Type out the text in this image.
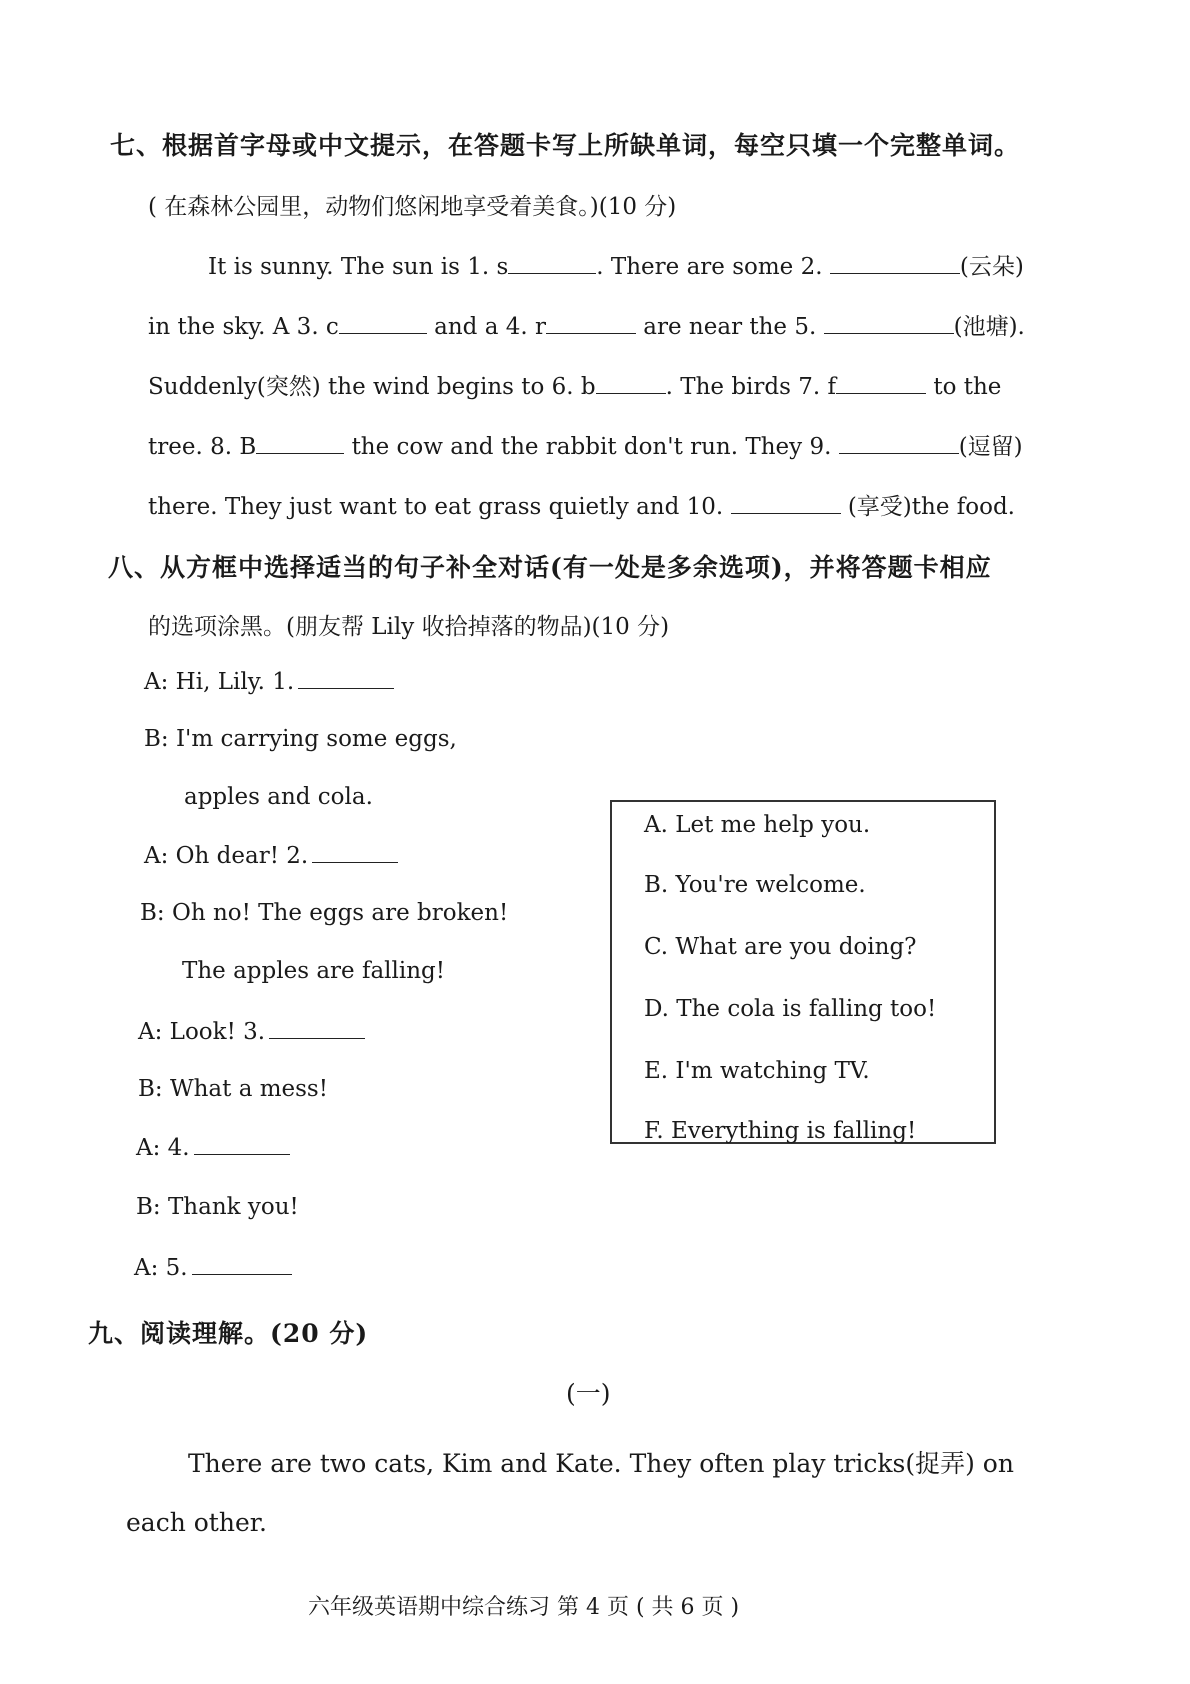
七、根据首字母或中文提示，在答题卡写上所缺单词，每空只填一个完整单词。
( 在森林公园里，动物们悠闲地享受着美食。)(10 分)
It is sunny. The sun is 1. s	. There are some 2.	(云朵)
in the sky. A 3. c	and a 4. r	are near the 5.	(池塘).
Suddenly(突然) the wind begins to 6. b	. The birds 7. f	to the
tree. 8. B	the cow and the rabbit don't run. They 9.	(逗留)
there. They just want to eat grass quietly and 10.	(享受)the food.
八、从方框中选择适当的句子补全对话(有一处是多余选项)，并将答题卡相应
的选项涂黑。(朋友帮 Lily 收拾掉落的物品)(10 分)
A: Hi, Lily. 1.
B: I'm carrying some eggs,
apples and cola.
A: Oh dear! 2.
B: Oh no! The eggs are broken!
The apples are falling!
A: Look! 3.
B: What a mess!
A: 4.
B: Thank you!
A: 5.
A. Let me help you.
B. You're welcome.
C. What are you doing?
D. The cola is falling too!
E. I'm watching TV.
F. Everything is falling!
九、阅读理解。(20 分)
(一)
There are two cats, Kim and Kate. They often play tricks(捉弄) on
each other.
六年级英语期中综合练习 第 4 页 ( 共 6 页 )
